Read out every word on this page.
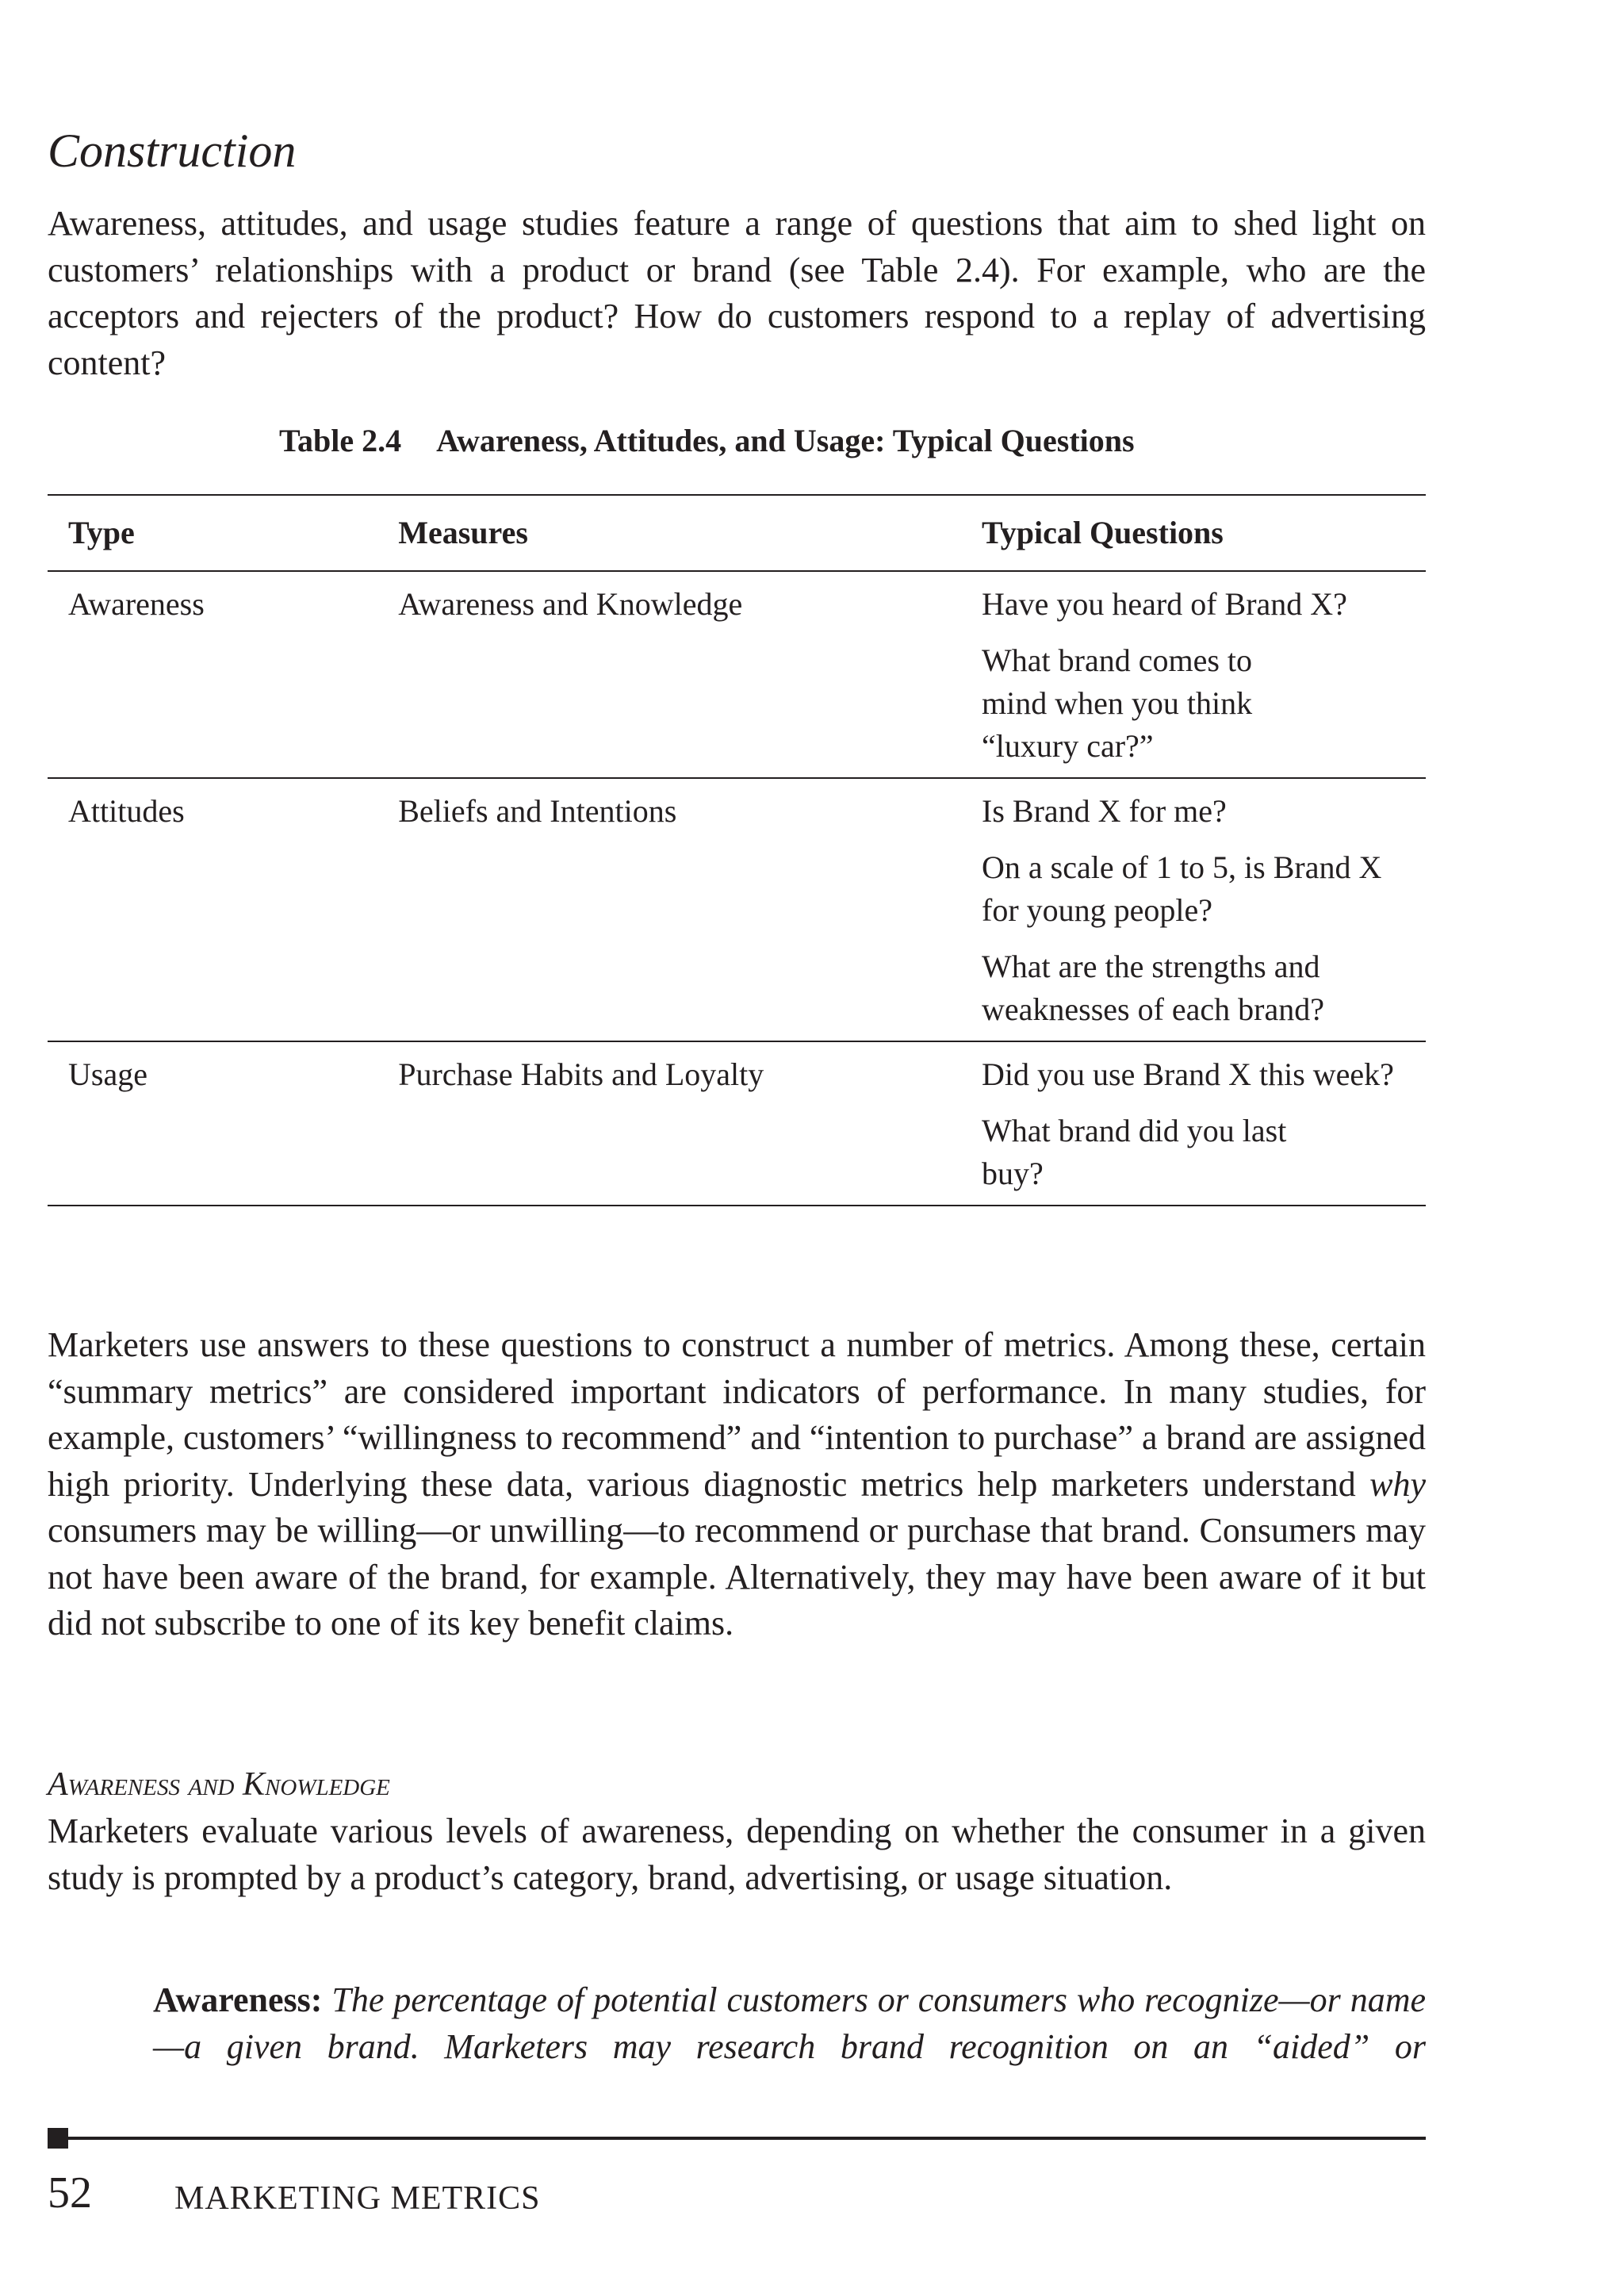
Construction

Awareness, attitudes, and usage studies feature a range of questions that aim to shed light on customers’ relationships with a product or brand (see Table 2.4). For example, who are the acceptors and rejecters of the product? How do customers respond to a replay of advertising content?

Table 2.4 Awareness, Attitudes, and Usage: Typical Questions
Type	Measures	Typical Questions
Awareness	Awareness and Knowledge	Have you heard of Brand X?
What brand comes to mind when you think “luxury car?”

Attitudes	Beliefs and Intentions	Is Brand X for me?
On a scale of 1 to 5, is Brand X for young people?
What are the strengths and weaknesses of each brand?

Usage	Purchase Habits and Loyalty	Did you use Brand X this week?
What brand did you last buy?

Marketers use answers to these questions to construct a number of metrics. Among these, certain “summary metrics” are considered important indicators of performance. In many studies, for example, customers’ “willingness to recommend” and “intention to purchase” a brand are assigned high priority. Underlying these data, various diagnostic metrics help marketers understand why consumers may be willing—or unwilling—to recommend or purchase that brand. Consumers may not have been aware of the brand, for example. Alternatively, they may have been aware of it but did not subscribe to one of its key benefit claims.

Awareness and Knowledge

Marketers evaluate various levels of awareness, depending on whether the consumer in a given study is prompted by a product’s category, brand, advertising, or usage situation.

Awareness: The percentage of potential customers or consumers who recognize—or name—a given brand. Marketers may research brand recognition on an “aided” or

52 MARKETING METRICS
